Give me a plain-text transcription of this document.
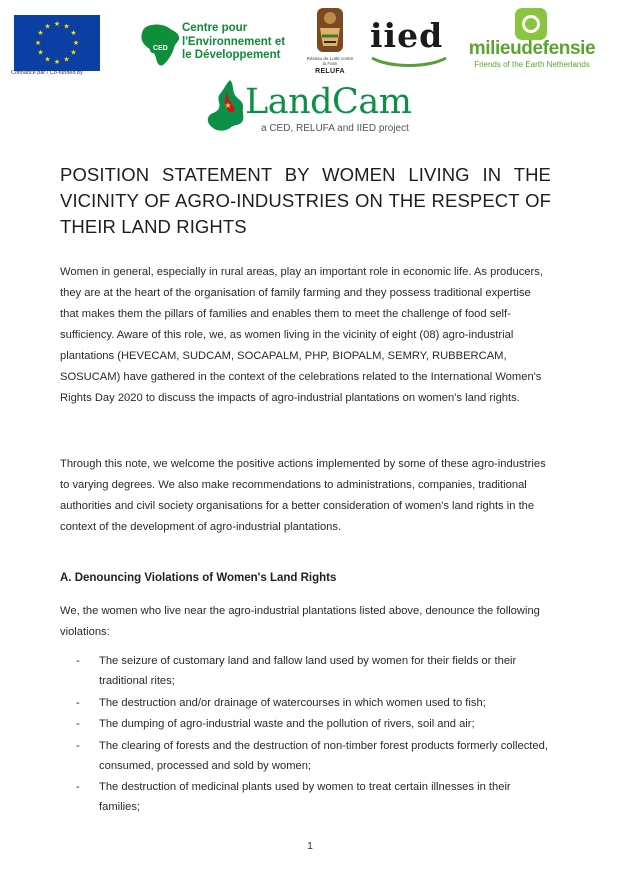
★ ★
★
★
★
★
★
★
★
★
★
★
Cofinancé par / Co-funded by
CED
Centre pour
l'Environnement et
le Développement	Réseau de Lutte contre la Faim
RELUFA
iied	milieudefensie
Friends of the Earth Netherlands
★ LandCam
a CED, RELUFA and IIED project
POSITION STATEMENT BY WOMEN LIVING IN THE VICINITY OF AGRO-INDUSTRIES ON THE RESPECT OF THEIR LAND RIGHTS

Women in general, especially in rural areas, play an important role in economic life. As producers, they are at the heart of the organisation of family farming and they possess traditional expertise that makes them the pillars of families and enables them to meet the challenge of food self-sufficiency. Aware of this role, we, as women living in the vicinity of eight (08) agro-industrial plantations (HEVECAM, SUDCAM, SOCAPALM, PHP, BIOPALM, SEMRY, RUBBERCAM, SOSUCAM) have gathered in the context of the celebrations related to the International Women's Rights Day 2020 to discuss the impacts of agro-industrial plantations on women's land rights.

Through this note, we welcome the positive actions implemented by some of these agro-industries to varying degrees. We also make recommendations to administrations, companies, traditional authorities and civil society organisations for a better consideration of women's land rights in the context of the development of agro-industrial plantations.

A. Denouncing Violations of Women's Land Rights

We, the women who live near the agro-industrial plantations listed above, denounce the following violations:

- The seizure of customary land and fallow land used by women for their fields or their traditional rites;
- The destruction and/or drainage of watercourses in which women used to fish;
- The dumping of agro-industrial waste and the pollution of rivers, soil and air;
- The clearing of forests and the destruction of non-timber forest products formerly collected, consumed, processed and sold by women;
- The destruction of medicinal plants used by women to treat certain illnesses in their families;
1
